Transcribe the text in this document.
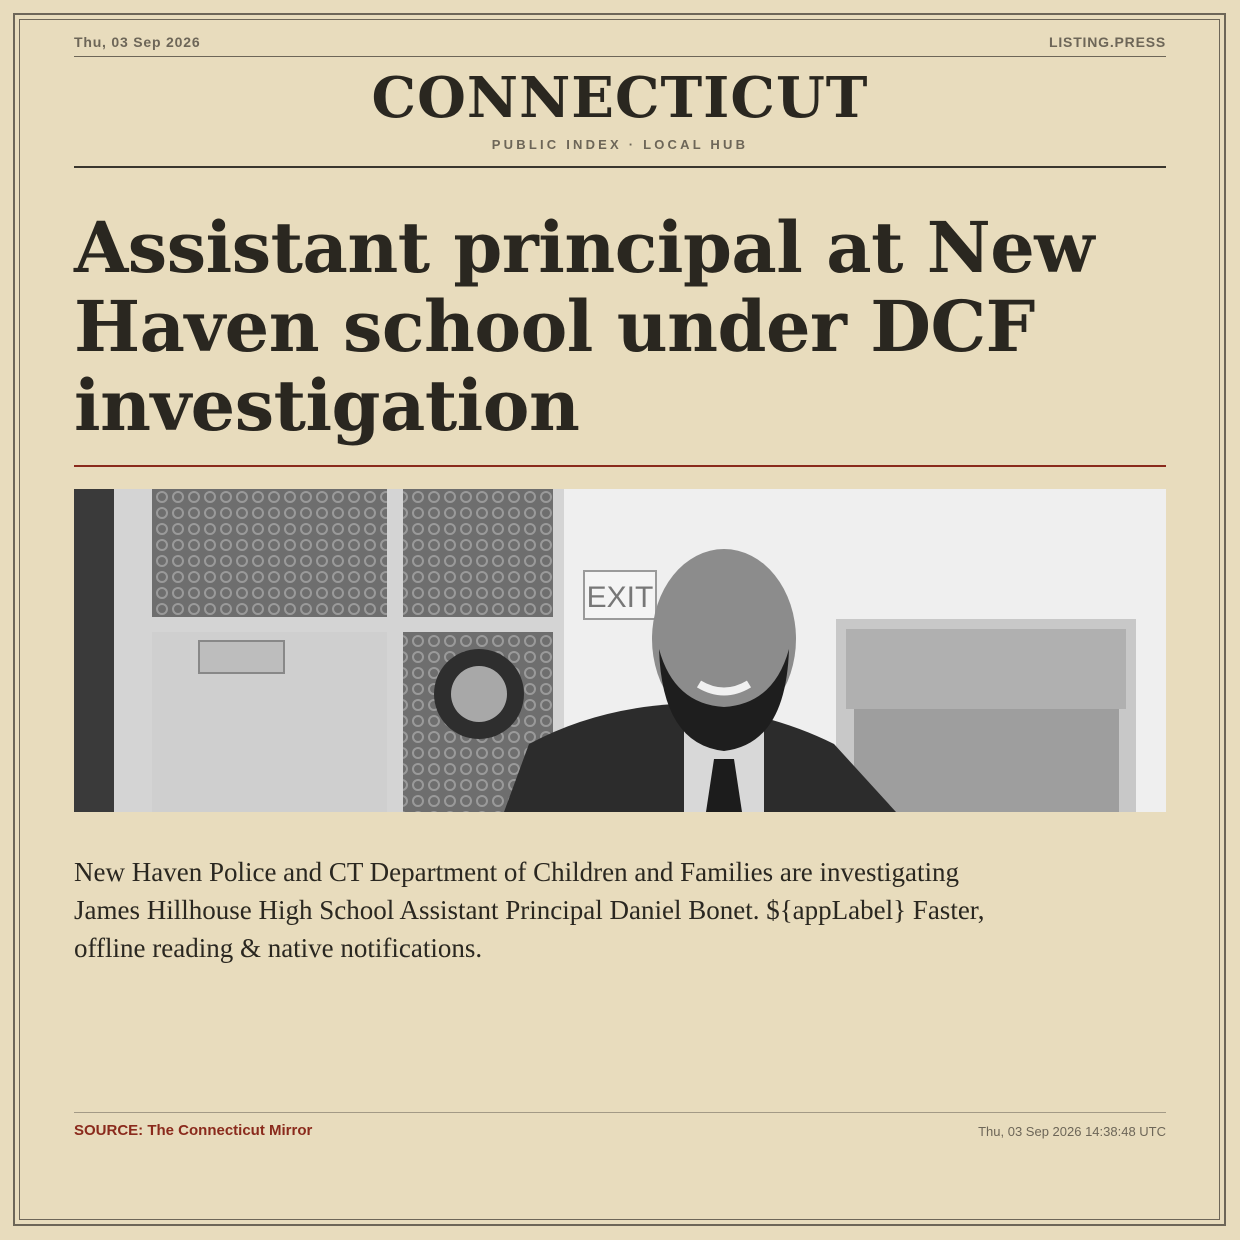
Thu, 03 Sep 2026	LISTING.PRESS
CONNECTICUT
PUBLIC INDEX · LOCAL HUB
Assistant principal at New Haven school under DCF investigation
EXIT

New Haven Police and CT Department of Children and Families are investigating James Hillhouse High School Assistant Principal Daniel Bonet. ${appLabel} Faster, offline reading & native notifications.

SOURCE: The Connecticut Mirror	Thu, 03 Sep 2026 14:38:48 UTC
